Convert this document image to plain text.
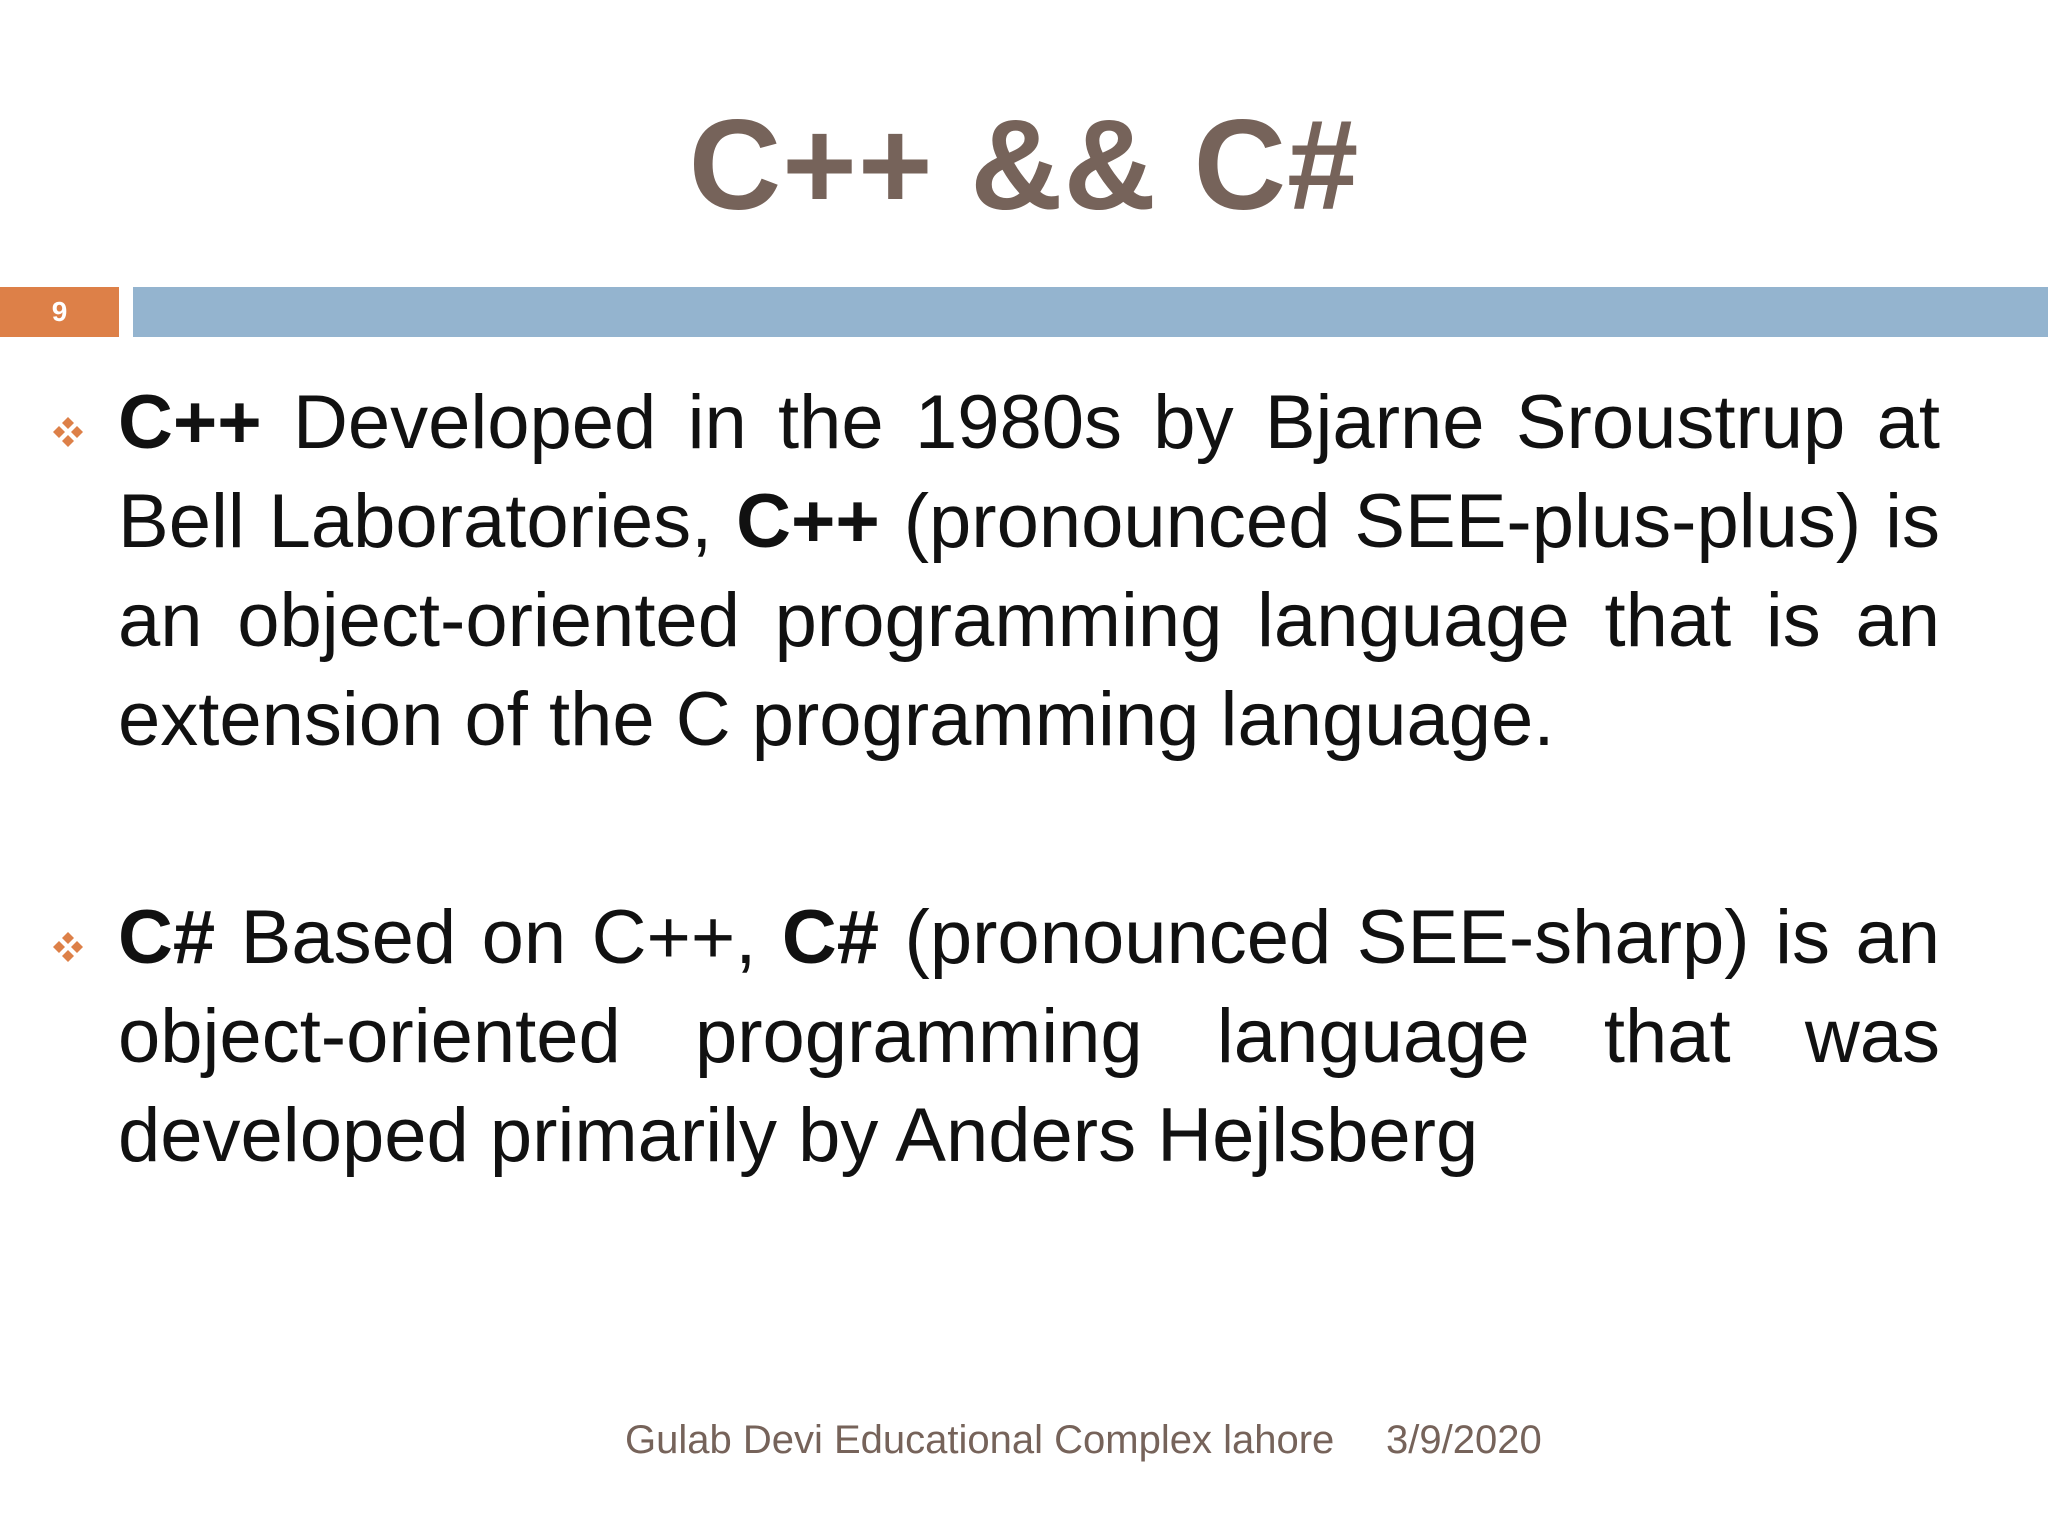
C++ && C#
9
C++ Developed in the 1980s by Bjarne Sroustrup at Bell Laboratories, C++ (pronounced SEE-plus-plus) is an object-oriented programming language that is an extension of the C programming language.
C# Based on C++, C# (pronounced SEE-sharp) is an object-oriented programming language that was developed primarily by Anders Hejlsberg
Gulab Devi Educational Complex lahore 3/9/2020
